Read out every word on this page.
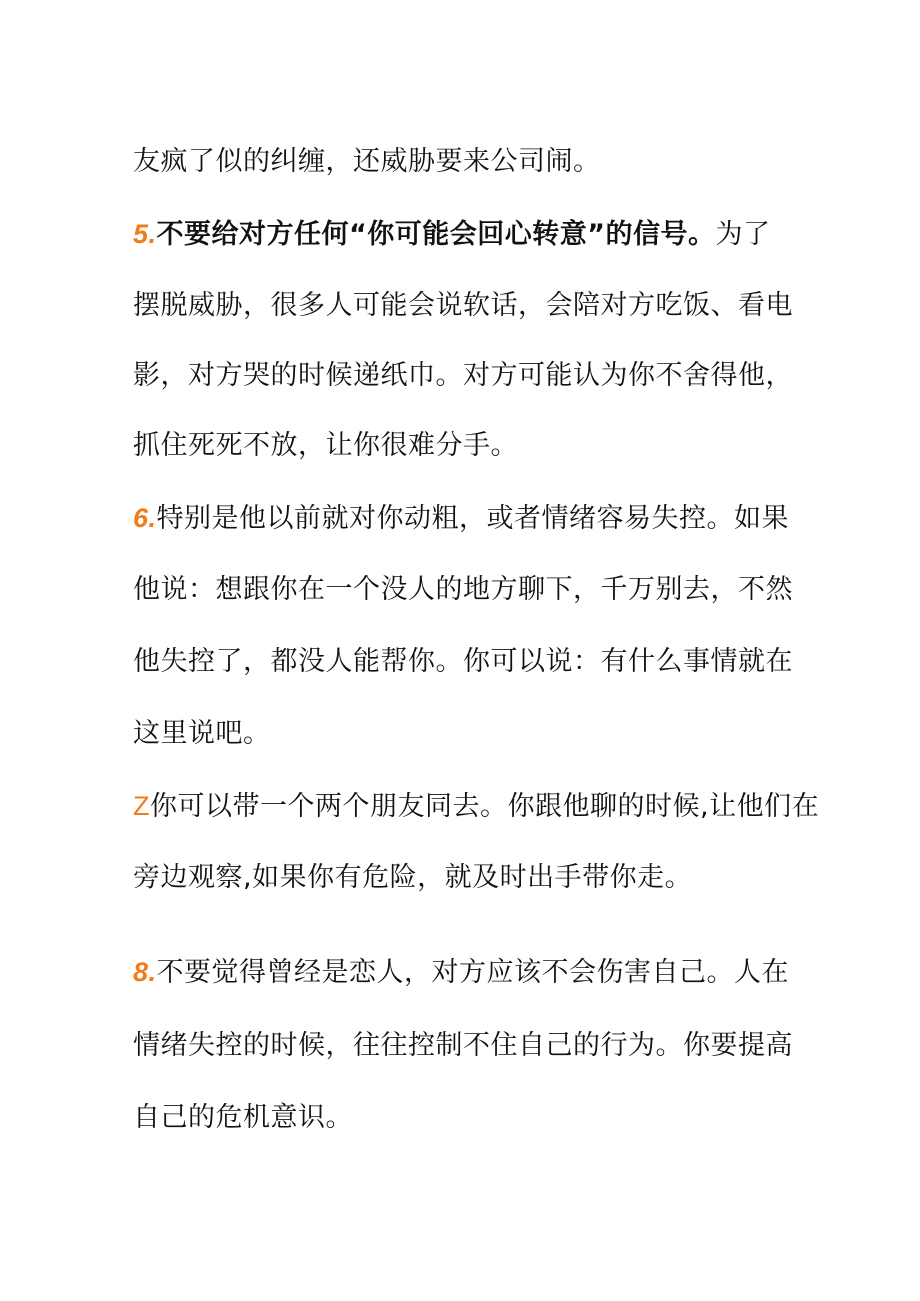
友疯了似的纠缠，还威胁要来公司闹。
5.不要给对方任何“你可能会回心转意”的信号。为了
摆脱威胁，很多人可能会说软话，会陪对方吃饭、看电
影，对方哭的时候递纸巾。对方可能认为你不舍得他，
抓住死死不放，让你很难分手。
6.特别是他以前就对你动粗，或者情绪容易失控。如果
他说：想跟你在一个没人的地方聊下，千万别去，不然
他失控了，都没人能帮你。你可以说：有什么事情就在
这里说吧。
Z你可以带一个两个朋友同去。你跟他聊的时候,让他们在
旁边观察,如果你有危险，就及时出手带你走。
8.不要觉得曾经是恋人，对方应该不会伤害自己。人在
情绪失控的时候，往往控制不住自己的行为。你要提高
自己的危机意识。
